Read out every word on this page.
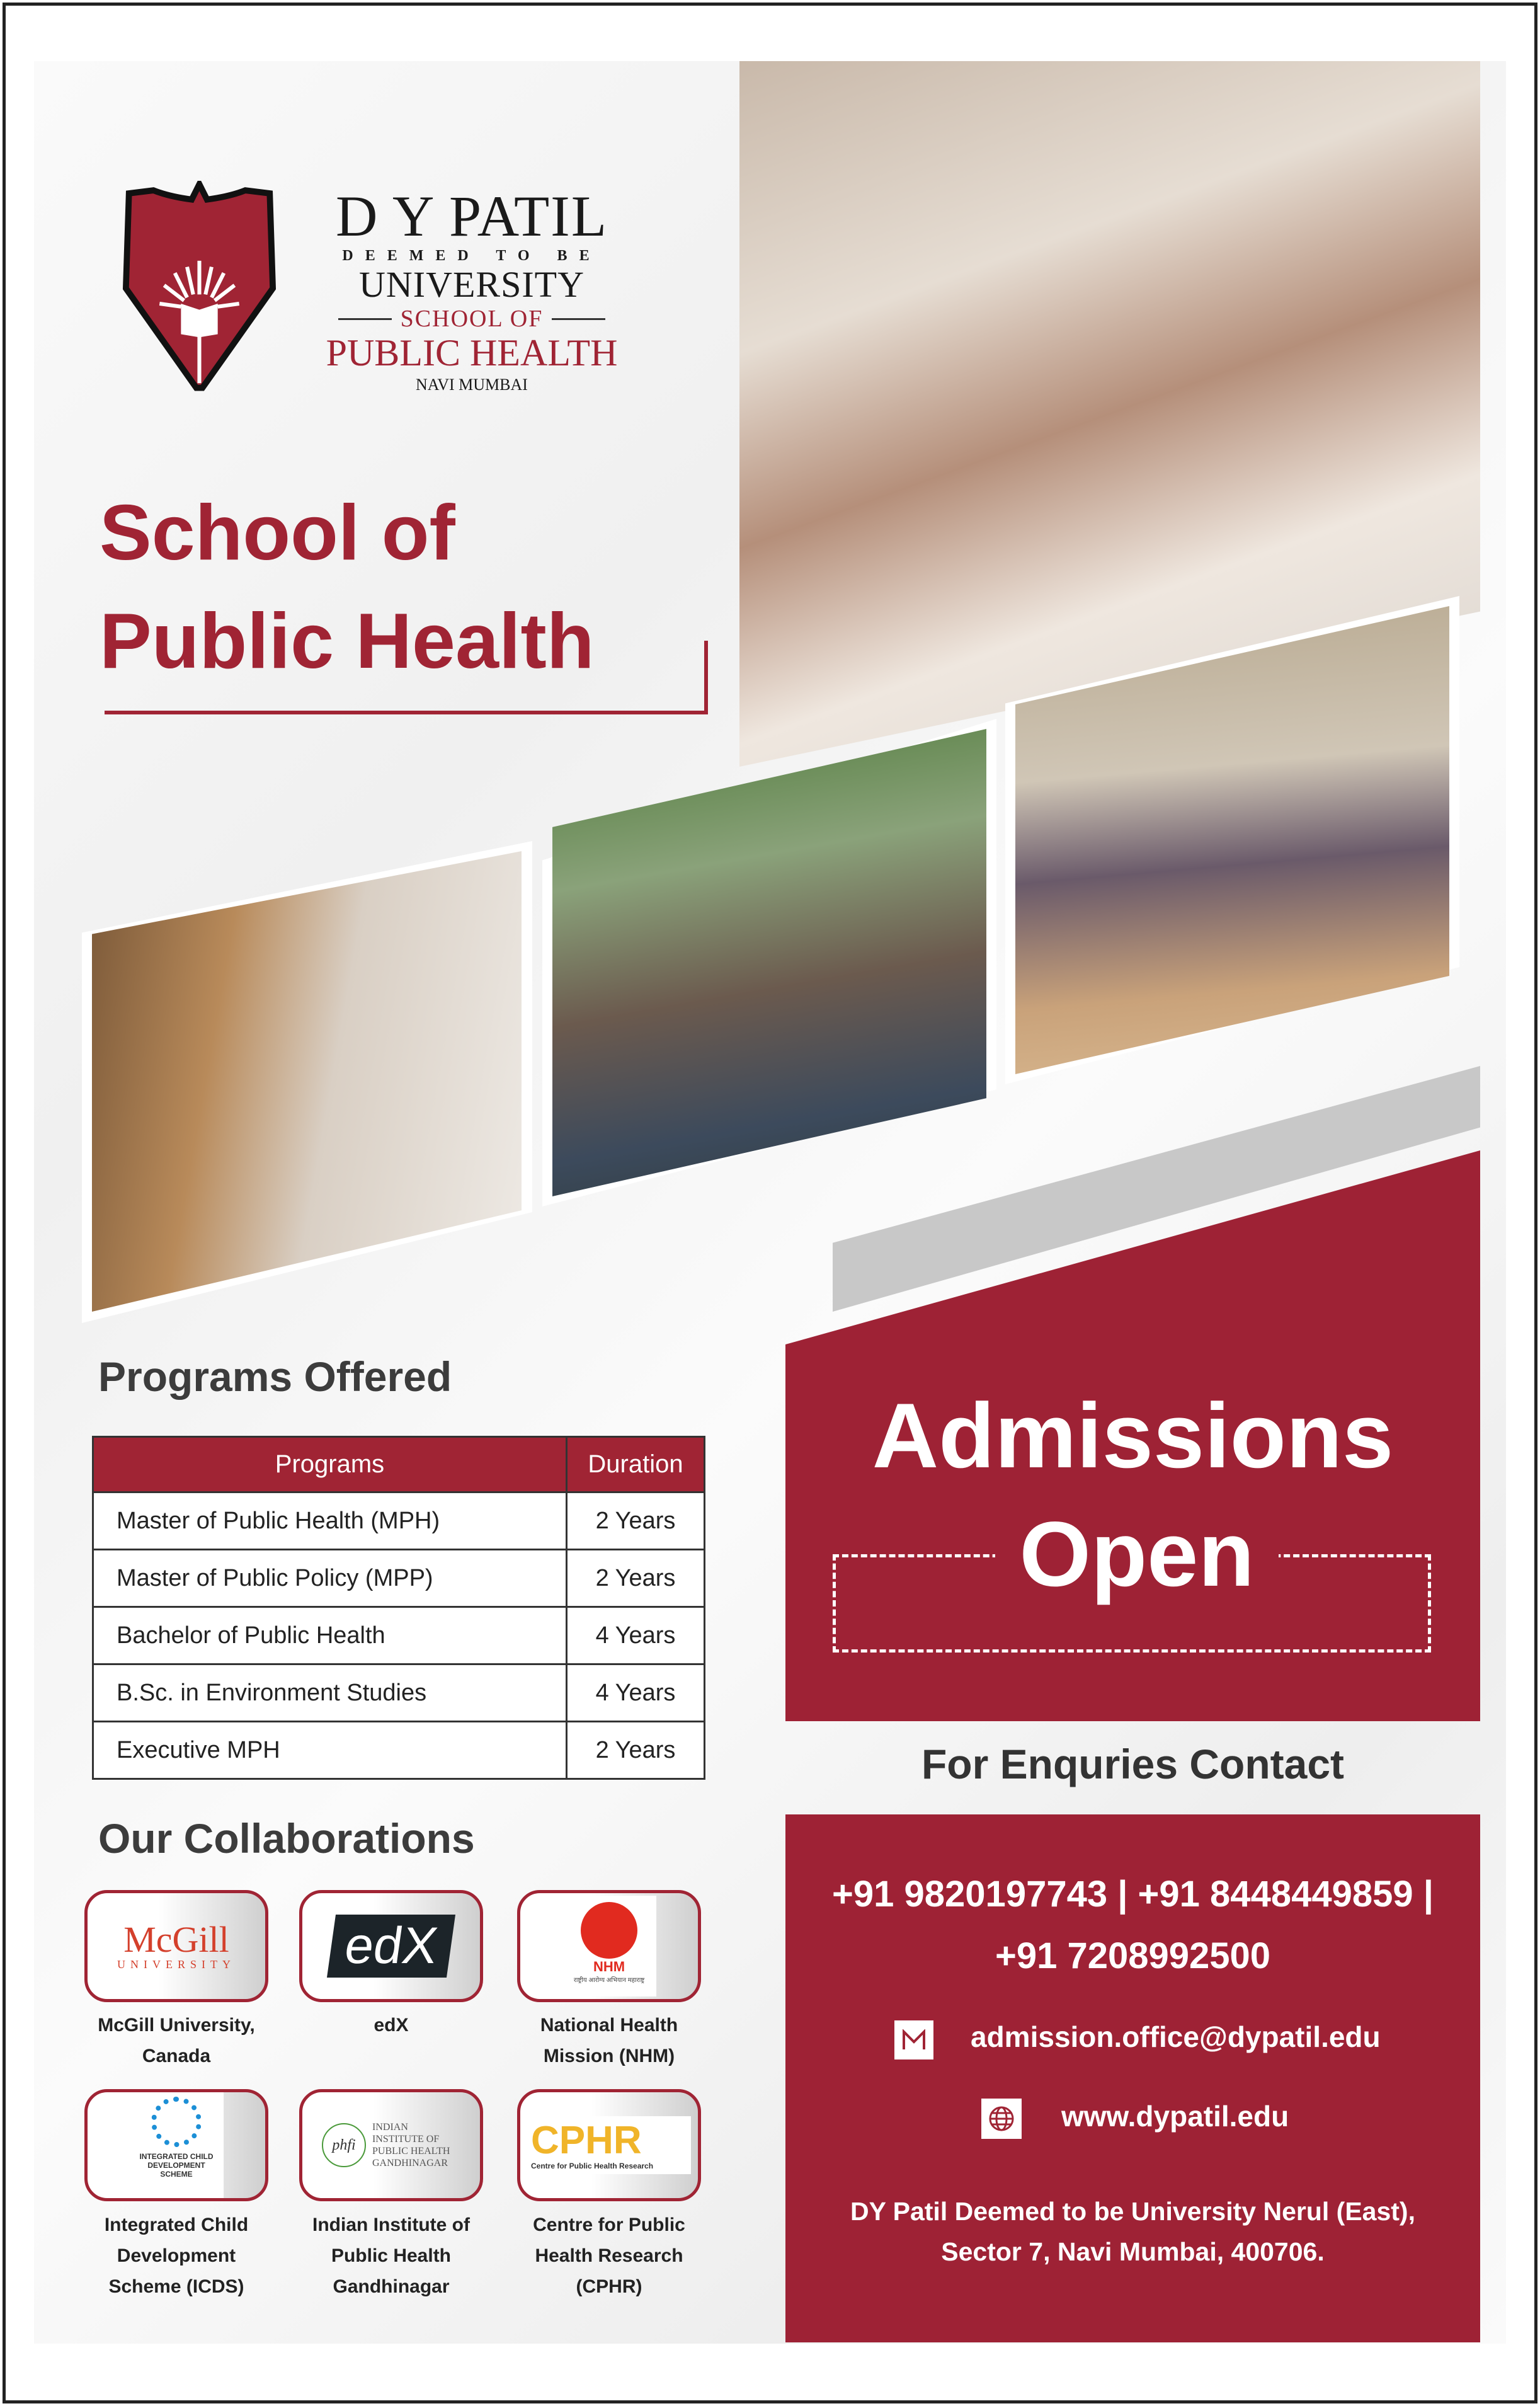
D Y PATIL
DEEMED TO BE
UNIVERSITY
SCHOOL OF
PUBLIC HEALTH
NAVI MUMBAI
School of
Public Health
Admissions
Open
Programs Offered
Programs	Duration
Master of Public Health (MPH)	2 Years
Master of Public Policy (MPP)	2 Years
Bachelor of Public Health	4 Years
B.Sc. in Environment Studies	4 Years
Executive MPH	2 Years
Our Collaborations
McGill
UNIVERSITY edX	NHM
राष्ट्रीय आरोग्य अभियान महाराष्ट्र
INTEGRATED CHILD DEVELOPMENT SCHEME
phfi
INDIAN INSTITUTE OF PUBLIC HEALTH GANDHINAGAR
CPHR
Centre for Public Health Research
McGill University,
Canada
edX	National Health
Mission (NHM)
Integrated Child
Development
Scheme (ICDS)
Indian Institute of
Public Health
Gandhinagar
Centre for Public
Health Research
(CPHR)
For Enquries Contact
+91 9820197743 | +91 8448449859 |
+91 7208992500
admission.office@dypatil.edu
www.dypatil.edu
DY Patil Deemed to be University Nerul (East),
Sector 7, Navi Mumbai, 400706.
